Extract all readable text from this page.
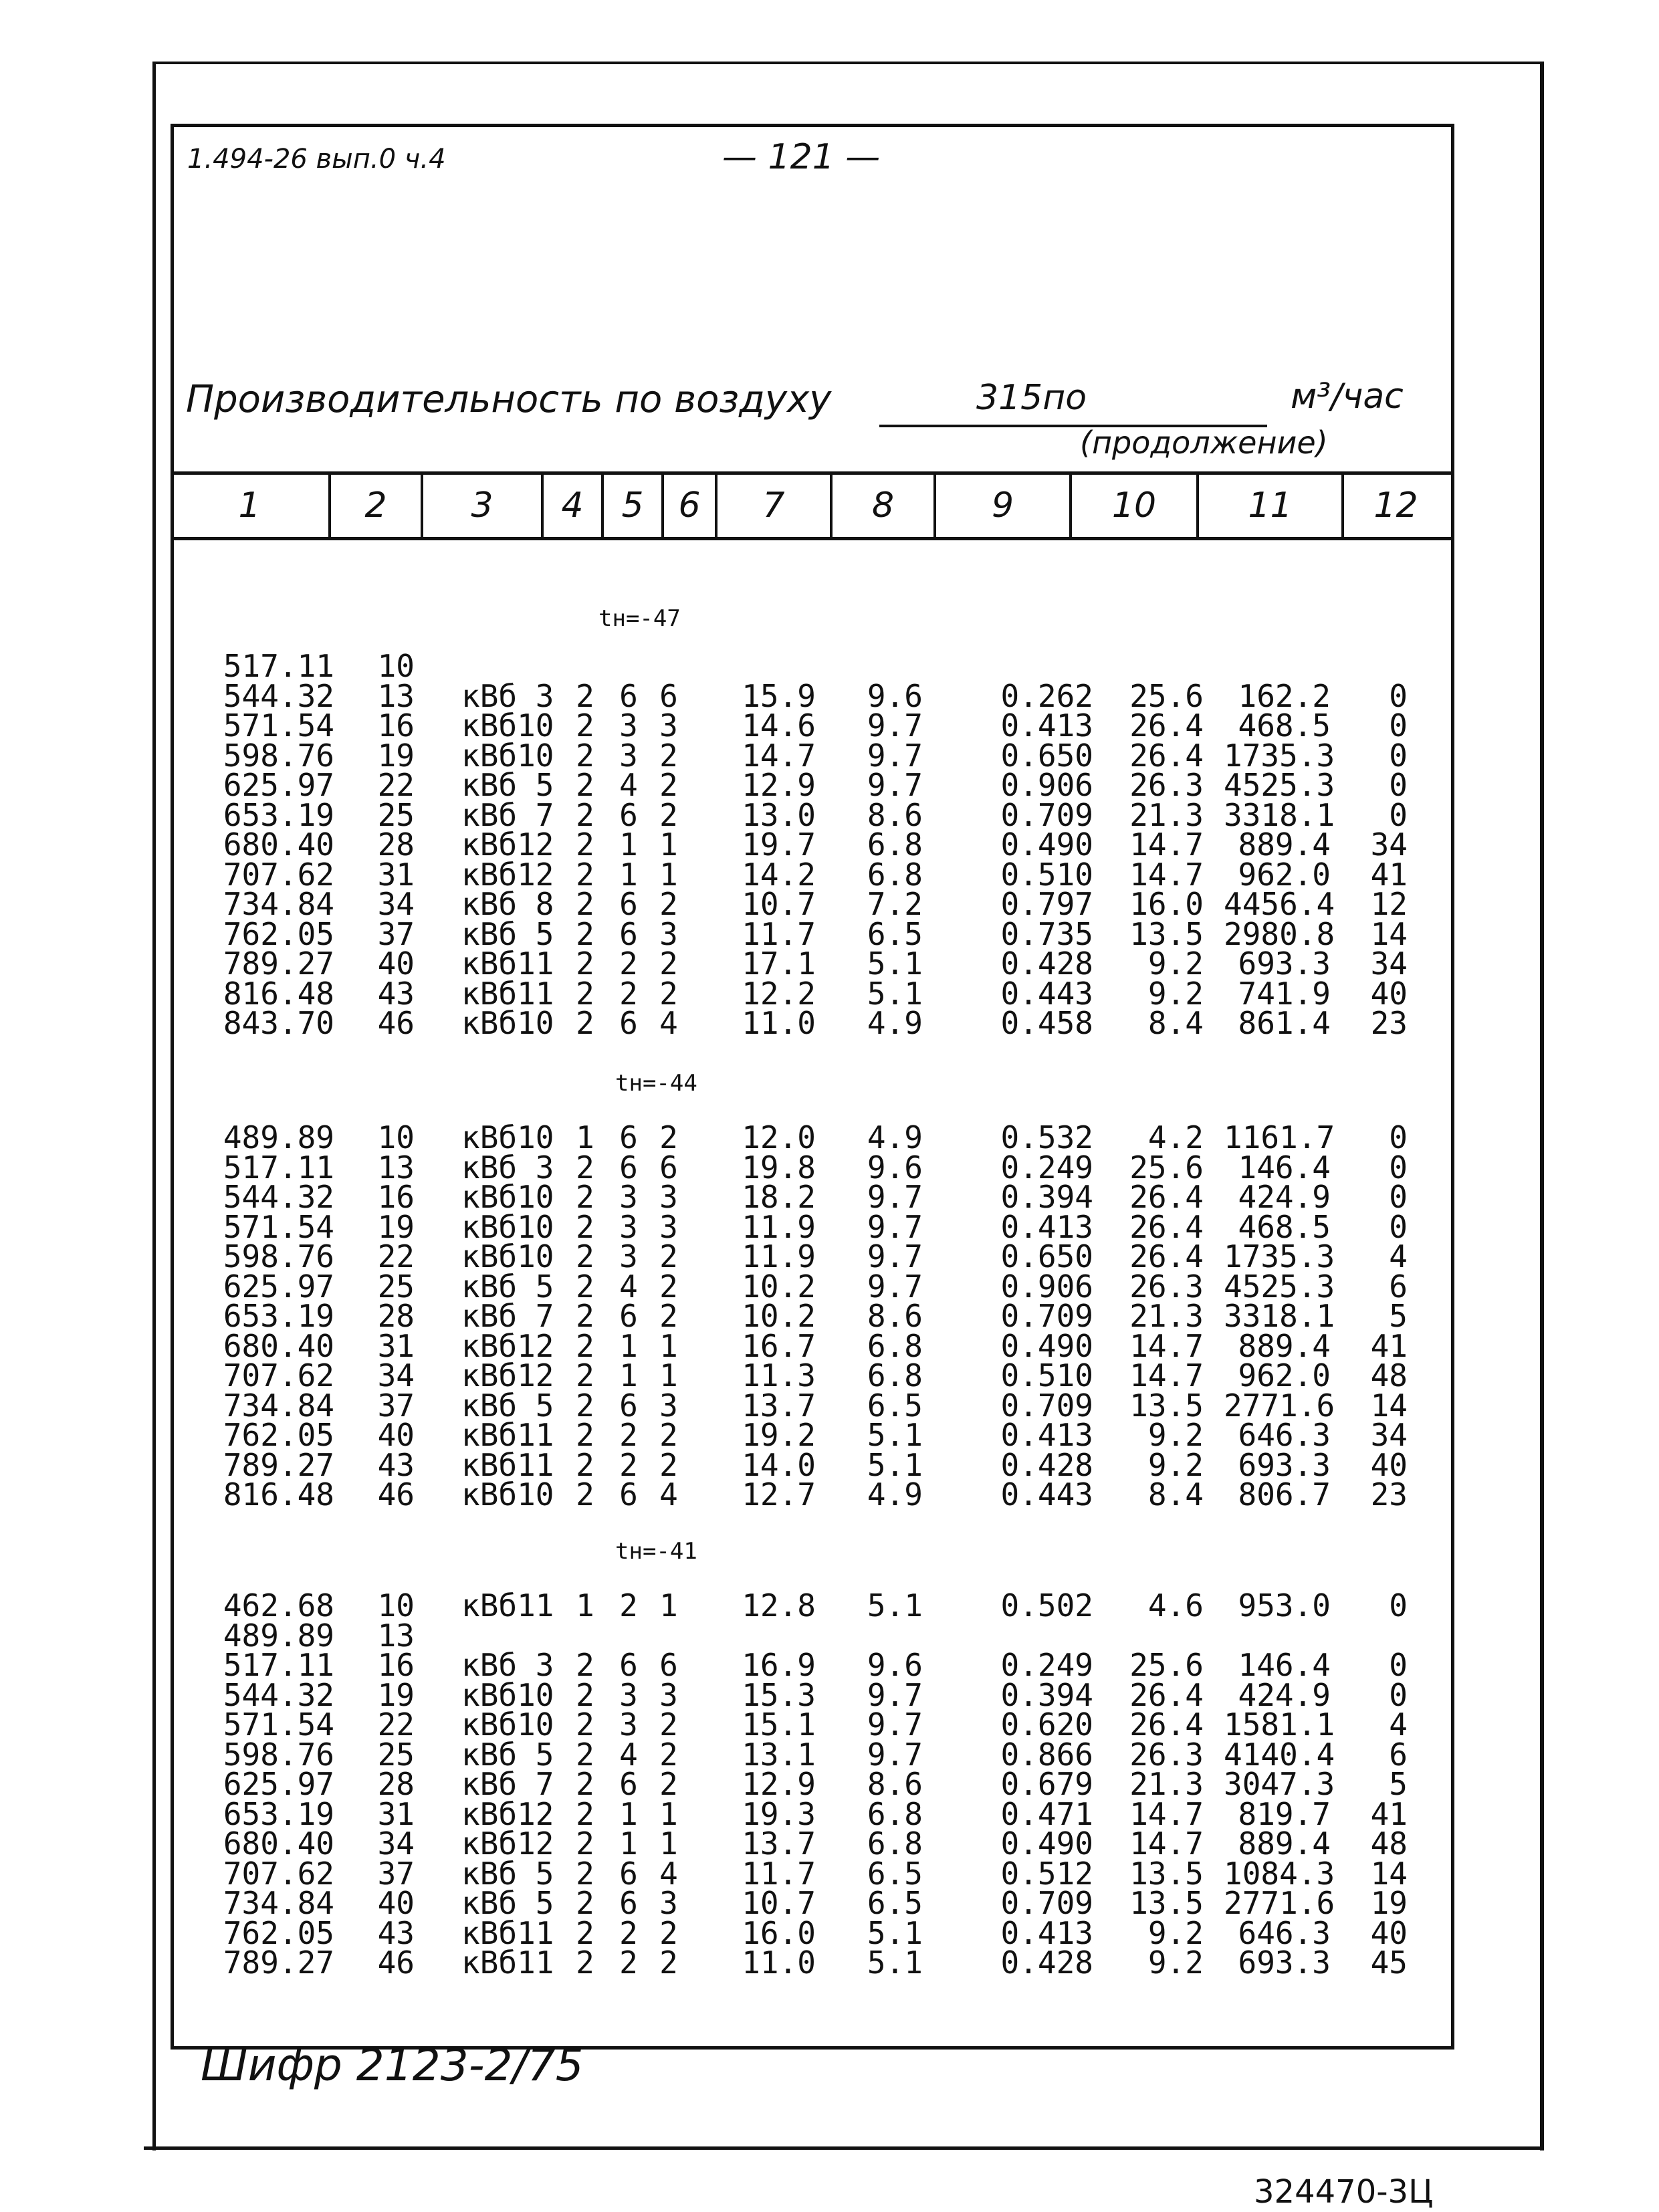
1.494-26 вып.0 ч.4	— 121 —
Производительность по воздуху	315по	м³/час
(продолжение)
1	2	3	4	5 6	7	8	9	10	11	12
tн=-47
517.11 10
544.32 13 кВб 3 2 6 6	15.9	9.6	0.262	25.6	162.2	0
571.54 16 кВб10 2 3 3	14.6	9.7	0.413	26.4	468.5	0
598.76 19 кВб10 2 3 2	14.7	9.7	0.650	26.4 1735.3	0
625.97 22 кВб 5 2 4 2	12.9	9.7	0.906	26.3 4525.3	0
653.19 25 кВб 7 2 6 2	13.0	8.6	0.709	21.3 3318.1	0
680.40 28 кВб12 2 1 1	19.7	6.8	0.490	14.7	889.4 34
707.62 31 кВб12 2 1 1	14.2	6.8	0.510	14.7	962.0 41
734.84 34 кВб 8 2 6 2	10.7	7.2	0.797	16.0 4456.4 12
762.05 37 кВб 5 2 6 3	11.7	6.5	0.735	13.5 2980.8 14
789.27 40 кВб11 2 2 2	17.1	5.1	0.428	9.2	693.3 34
816.48 43 кВб11 2 2 2	12.2	5.1	0.443	9.2	741.9 40
843.70 46 кВб10 2 6 4	11.0	4.9	0.458	8.4	861.4 23
tн=-44
489.89 10 кВб10 1 6 2	12.0	4.9	0.532	4.2 1161.7	0
517.11 13 кВб 3 2 6 6	19.8	9.6	0.249	25.6	146.4	0
544.32 16 кВб10 2 3 3	18.2	9.7	0.394	26.4	424.9	0
571.54 19 кВб10 2 3 3	11.9	9.7	0.413	26.4	468.5	0
598.76 22 кВб10 2 3 2	11.9	9.7	0.650	26.4 1735.3	4
625.97 25 кВб 5 2 4 2	10.2	9.7	0.906	26.3 4525.3	6
653.19 28 кВб 7 2 6 2	10.2	8.6	0.709	21.3 3318.1	5
680.40 31 кВб12 2 1 1	16.7	6.8	0.490	14.7	889.4 41
707.62 34 кВб12 2 1 1	11.3	6.8	0.510	14.7	962.0 48
734.84 37 кВб 5 2 6 3	13.7	6.5	0.709	13.5 2771.6 14
762.05 40 кВб11 2 2 2	19.2	5.1	0.413	9.2	646.3 34
789.27 43 кВб11 2 2 2	14.0	5.1	0.428	9.2	693.3 40
816.48 46 кВб10 2 6 4	12.7	4.9	0.443	8.4	806.7 23
tн=-41
462.68 10 кВб11 1 2 1	12.8	5.1	0.502	4.6	953.0	0
489.89 13
517.11 16 кВб 3 2 6 6	16.9	9.6	0.249	25.6	146.4	0
544.32 19 кВб10 2 3 3	15.3	9.7	0.394	26.4	424.9	0
571.54 22 кВб10 2 3 2	15.1	9.7	0.620	26.4 1581.1	4
598.76 25 кВб 5 2 4 2	13.1	9.7	0.866	26.3 4140.4	6
625.97 28 кВб 7 2 6 2	12.9	8.6	0.679	21.3 3047.3	5
653.19 31 кВб12 2 1 1	19.3	6.8	0.471	14.7	819.7 41
680.40 34 кВб12 2 1 1	13.7	6.8	0.490	14.7	889.4 48
707.62 37 кВб 5 2 6 4	11.7	6.5	0.512	13.5 1084.3 14
734.84 40 кВб 5 2 6 3	10.7	6.5	0.709	13.5 2771.6 19
762.05 43 кВб11 2 2 2	16.0	5.1	0.413	9.2	646.3 40
789.27 46 кВб11 2 2 2	11.0	5.1	0.428	9.2	693.3 45
Шифр 2123-2/75
324470-3Ц
